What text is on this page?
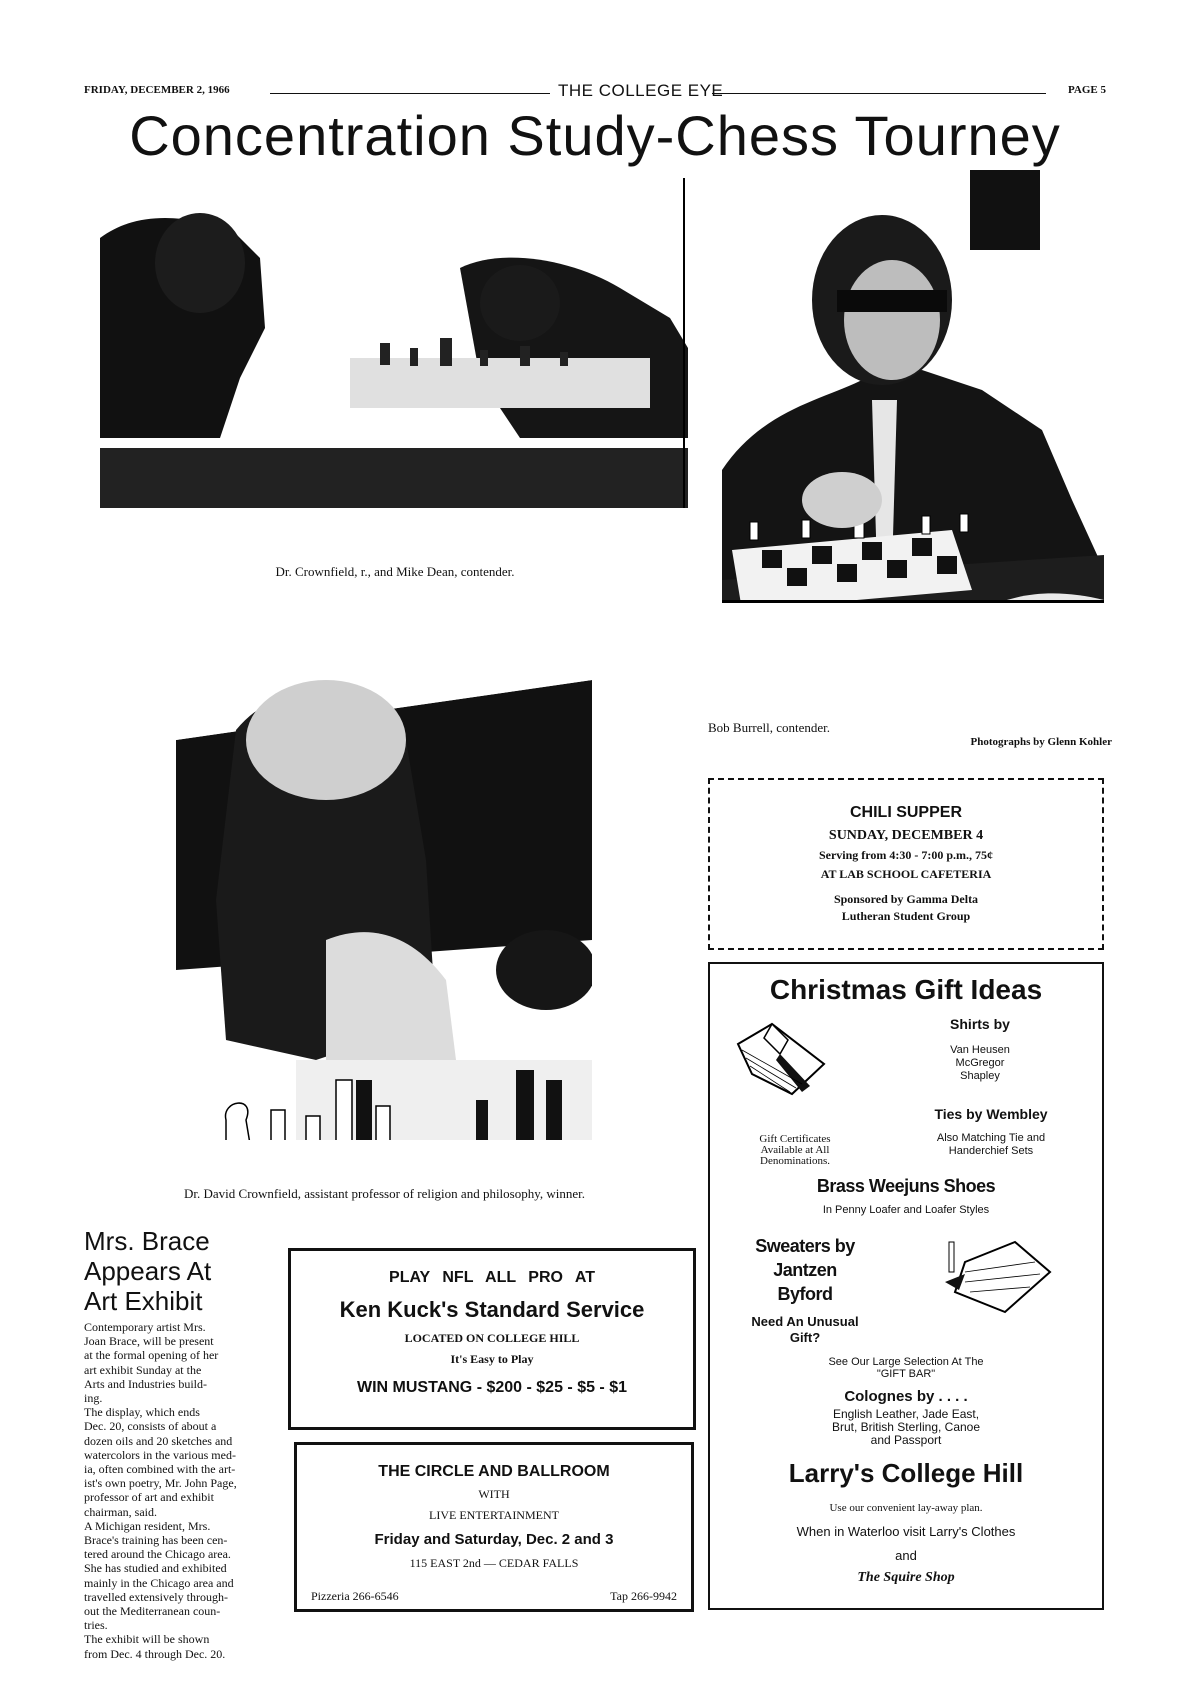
FRIDAY, DECEMBER 2, 1966	THE COLLEGE EYE	PAGE 5
Concentration Study-Chess Tourney
Dr. Crownfield, r., and Mike Dean, contender.
Bob Burrell, contender.
Photographs by Glenn Kohler
Dr. David Crownfield, assistant professor of religion and philosophy, winner.
CHILI SUPPER
SUNDAY, DECEMBER 4
Serving from 4:30 - 7:00 p.m., 75¢
AT LAB SCHOOL CAFETERIA
Sponsored by Gamma Delta
Lutheran Student Group
Christmas Gift Ideas
Shirts by
Van Heusen
McGregor
Shapley
Gift Certificates
Available at All
Denominations.
Ties by Wembley
Also Matching Tie and
Handerchief Sets
Brass Weejuns Shoes
In Penny Loafer and Loafer Styles
Sweaters by
Jantzen
Byford
Need An Unusual
Gift?
See Our Large Selection At The
"GIFT BAR"
Colognes by . . . .
English Leather, Jade East,
Brut, British Sterling, Canoe
and Passport
Larry's College Hill
Use our convenient lay-away plan.
When in Waterloo visit Larry's Clothes
and
The Squire Shop
Mrs. Brace
Appears At
Art Exhibit
Contemporary artist Mrs.
Joan Brace, will be present
at the formal opening of her
art exhibit Sunday at the
Arts and Industries build-
ing.
The display, which ends
Dec. 20, consists of about a
dozen oils and 20 sketches and
watercolors in the various med-
ia, often combined with the art-
ist's own poetry, Mr. John Page,
professor of art and exhibit
chairman, said.
A Michigan resident, Mrs.
Brace's training has been cen-
tered around the Chicago area.
She has studied and exhibited
mainly in the Chicago area and
travelled extensively through-
out the Mediterranean coun-
tries.
The exhibit will be shown
from Dec. 4 through Dec. 20.
PLAY NFL ALL PRO AT
Ken Kuck's Standard Service
LOCATED ON COLLEGE HILL
It's Easy to Play
WIN MUSTANG - $200 - $25 - $5 - $1
THE CIRCLE AND BALLROOM
WITH
LIVE ENTERTAINMENT
Friday and Saturday, Dec. 2 and 3
115 EAST 2nd — CEDAR FALLS
Pizzeria 266-6546	Tap 266-9942
